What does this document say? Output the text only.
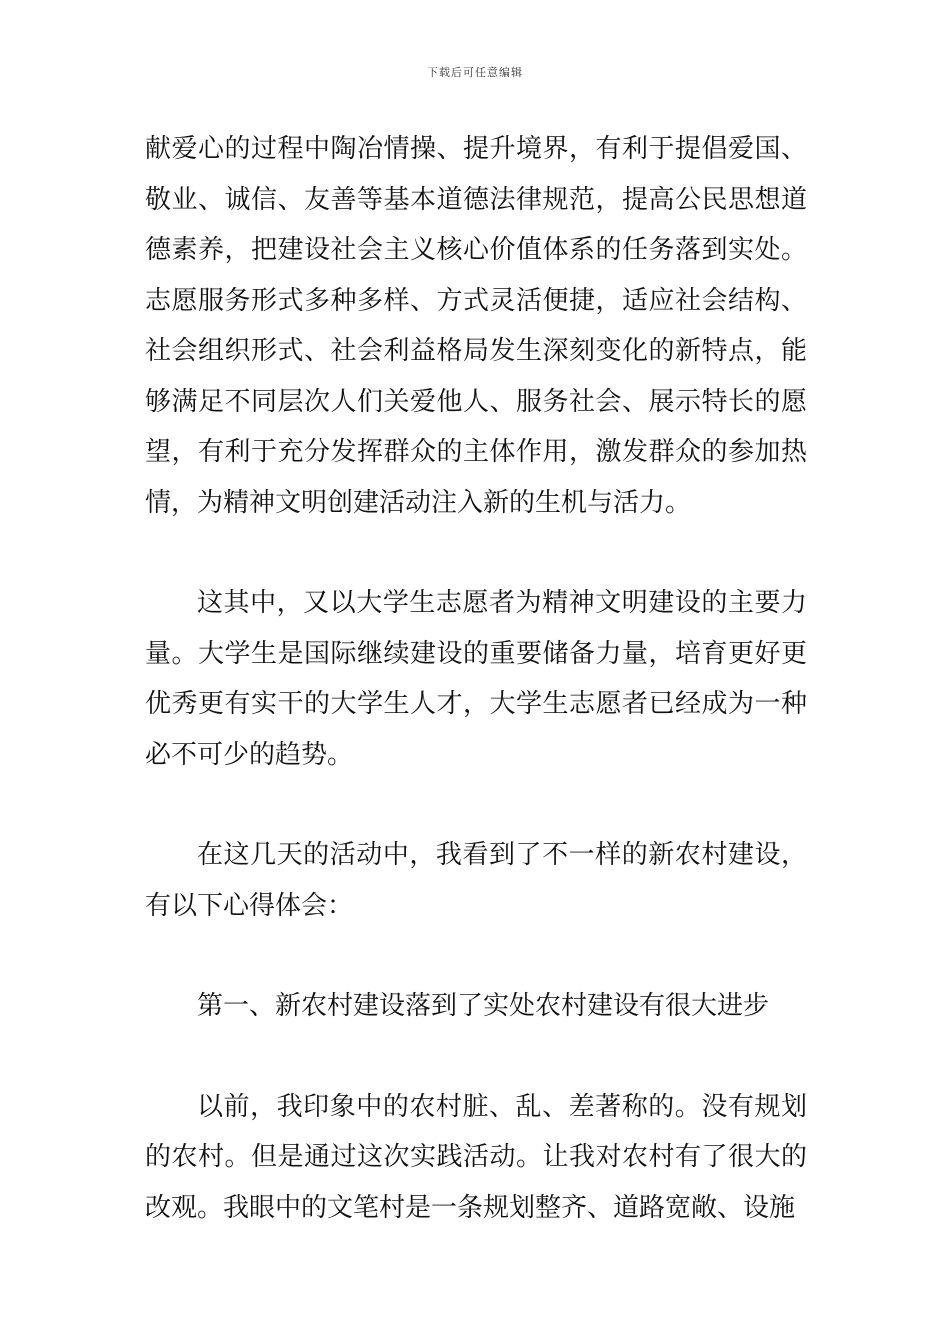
下载后可任意编辑

献爱心的过程中陶冶情操、提升境界，有利于提倡爱国、敬业、诚信、友善等基本道德法律规范，提高公民思想道德素养，把建设社会主义核心价值体系的任务落到实处。志愿服务形式多种多样、方式灵活便捷，适应社会结构、社会组织形式、社会利益格局发生深刻变化的新特点，能够满足不同层次人们关爱他人、服务社会、展示特长的愿望，有利于充分发挥群众的主体作用，激发群众的参加热情，为精神文明创建活动注入新的生机与活力。

这其中，又以大学生志愿者为精神文明建设的主要力量。大学生是国际继续建设的重要储备力量，培育更好更优秀更有实干的大学生人才，大学生志愿者已经成为一种必不可少的趋势。

在这几天的活动中，我看到了不一样的新农村建设，有以下心得体会：

第一、新农村建设落到了实处农村建设有很大进步

以前，我印象中的农村脏、乱、差著称的。没有规划的农村。但是通过这次实践活动。让我对农村有了很大的改观。我眼中的文笔村是一条规划整齐、道路宽敞、设施
